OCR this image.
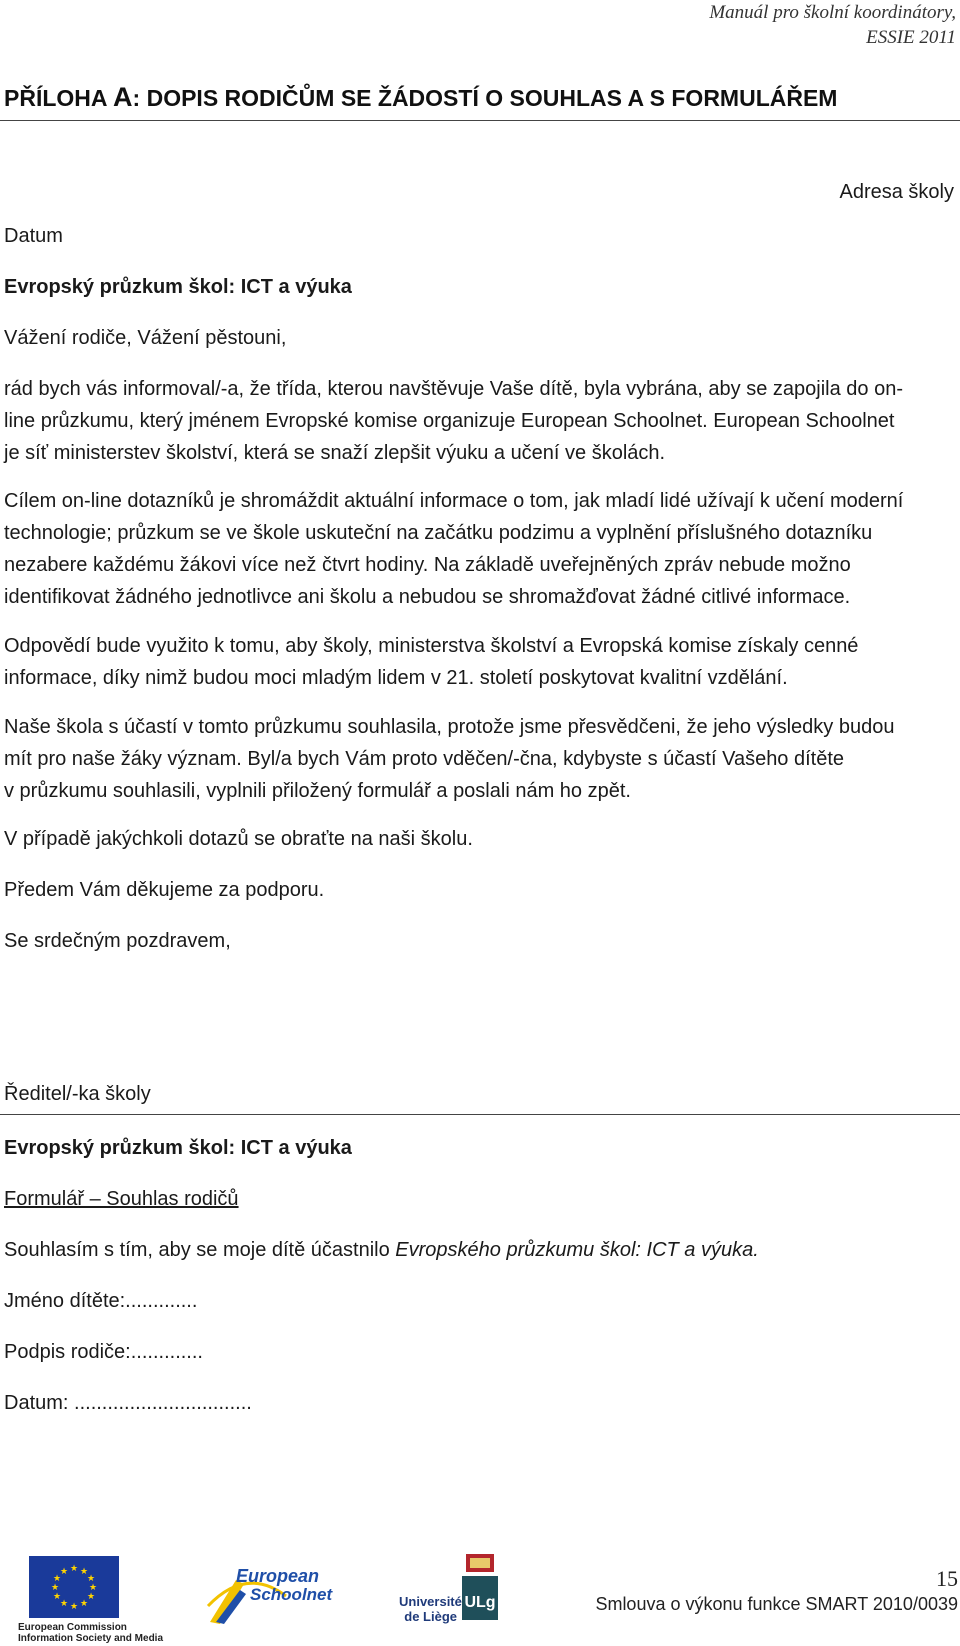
Manuál pro školní koordinátory,
ESSIE 2011
PŘÍLOHA A: DOPIS RODIČŮM SE ŽÁDOSTÍ O SOUHLAS A S FORMULÁŘEM
Adresa školy
Datum
Evropský průzkum škol: ICT a výuka
Vážení rodiče, Vážení pěstouni,
rád bych vás informoval/-a, že třída, kterou navštěvuje Vaše dítě, byla vybrána, aby se zapojila do on-
line průzkumu, který jménem Evropské komise organizuje European Schoolnet. European Schoolnet
je síť ministerstev školství, která se snaží zlepšit výuku a učení ve školách.
Cílem on-line dotazníků je shromáždit aktuální informace o tom, jak mladí lidé užívají k učení moderní
technologie; průzkum se ve škole uskuteční na začátku podzimu a vyplnění příslušného dotazníku
nezabere každému žákovi více než čtvrt hodiny. Na základě uveřejněných zpráv nebude možno
identifikovat žádného jednotlivce ani školu a nebudou se shromažďovat žádné citlivé informace.
Odpovědí bude využito k tomu, aby školy, ministerstva školství a Evropská komise získaly cenné
informace, díky nimž budou moci mladým lidem v 21. století poskytovat kvalitní vzdělání.
Naše škola s účastí v tomto průzkumu souhlasila, protože jsme přesvědčeni, že jeho výsledky budou
mít pro naše žáky význam. Byl/a bych Vám proto vděčen/-čna, kdybyste s účastí Vašeho dítěte
v průzkumu souhlasili, vyplnili přiložený formulář a poslali nám ho zpět.
V případě jakýchkoli dotazů se obraťte na naši školu.
Předem Vám děkujeme za podporu.
Se srdečným pozdravem,
Ředitel/-ka školy
Evropský průzkum škol: ICT a výuka
Formulář – Souhlas rodičů
Souhlasím s tím, aby se moje dítě účastnilo Evropského průzkumu škol: ICT a výuka.
Jméno dítěte:.............
Podpis rodiče:.............
Datum: ................................
★ ★
★
★
★
★
★
★
★
★
★
★
European Commission
Information Society and Media
European
Schoolnet	Université
de Liège
ULg
15
Smlouva o výkonu funkce SMART 2010/0039
